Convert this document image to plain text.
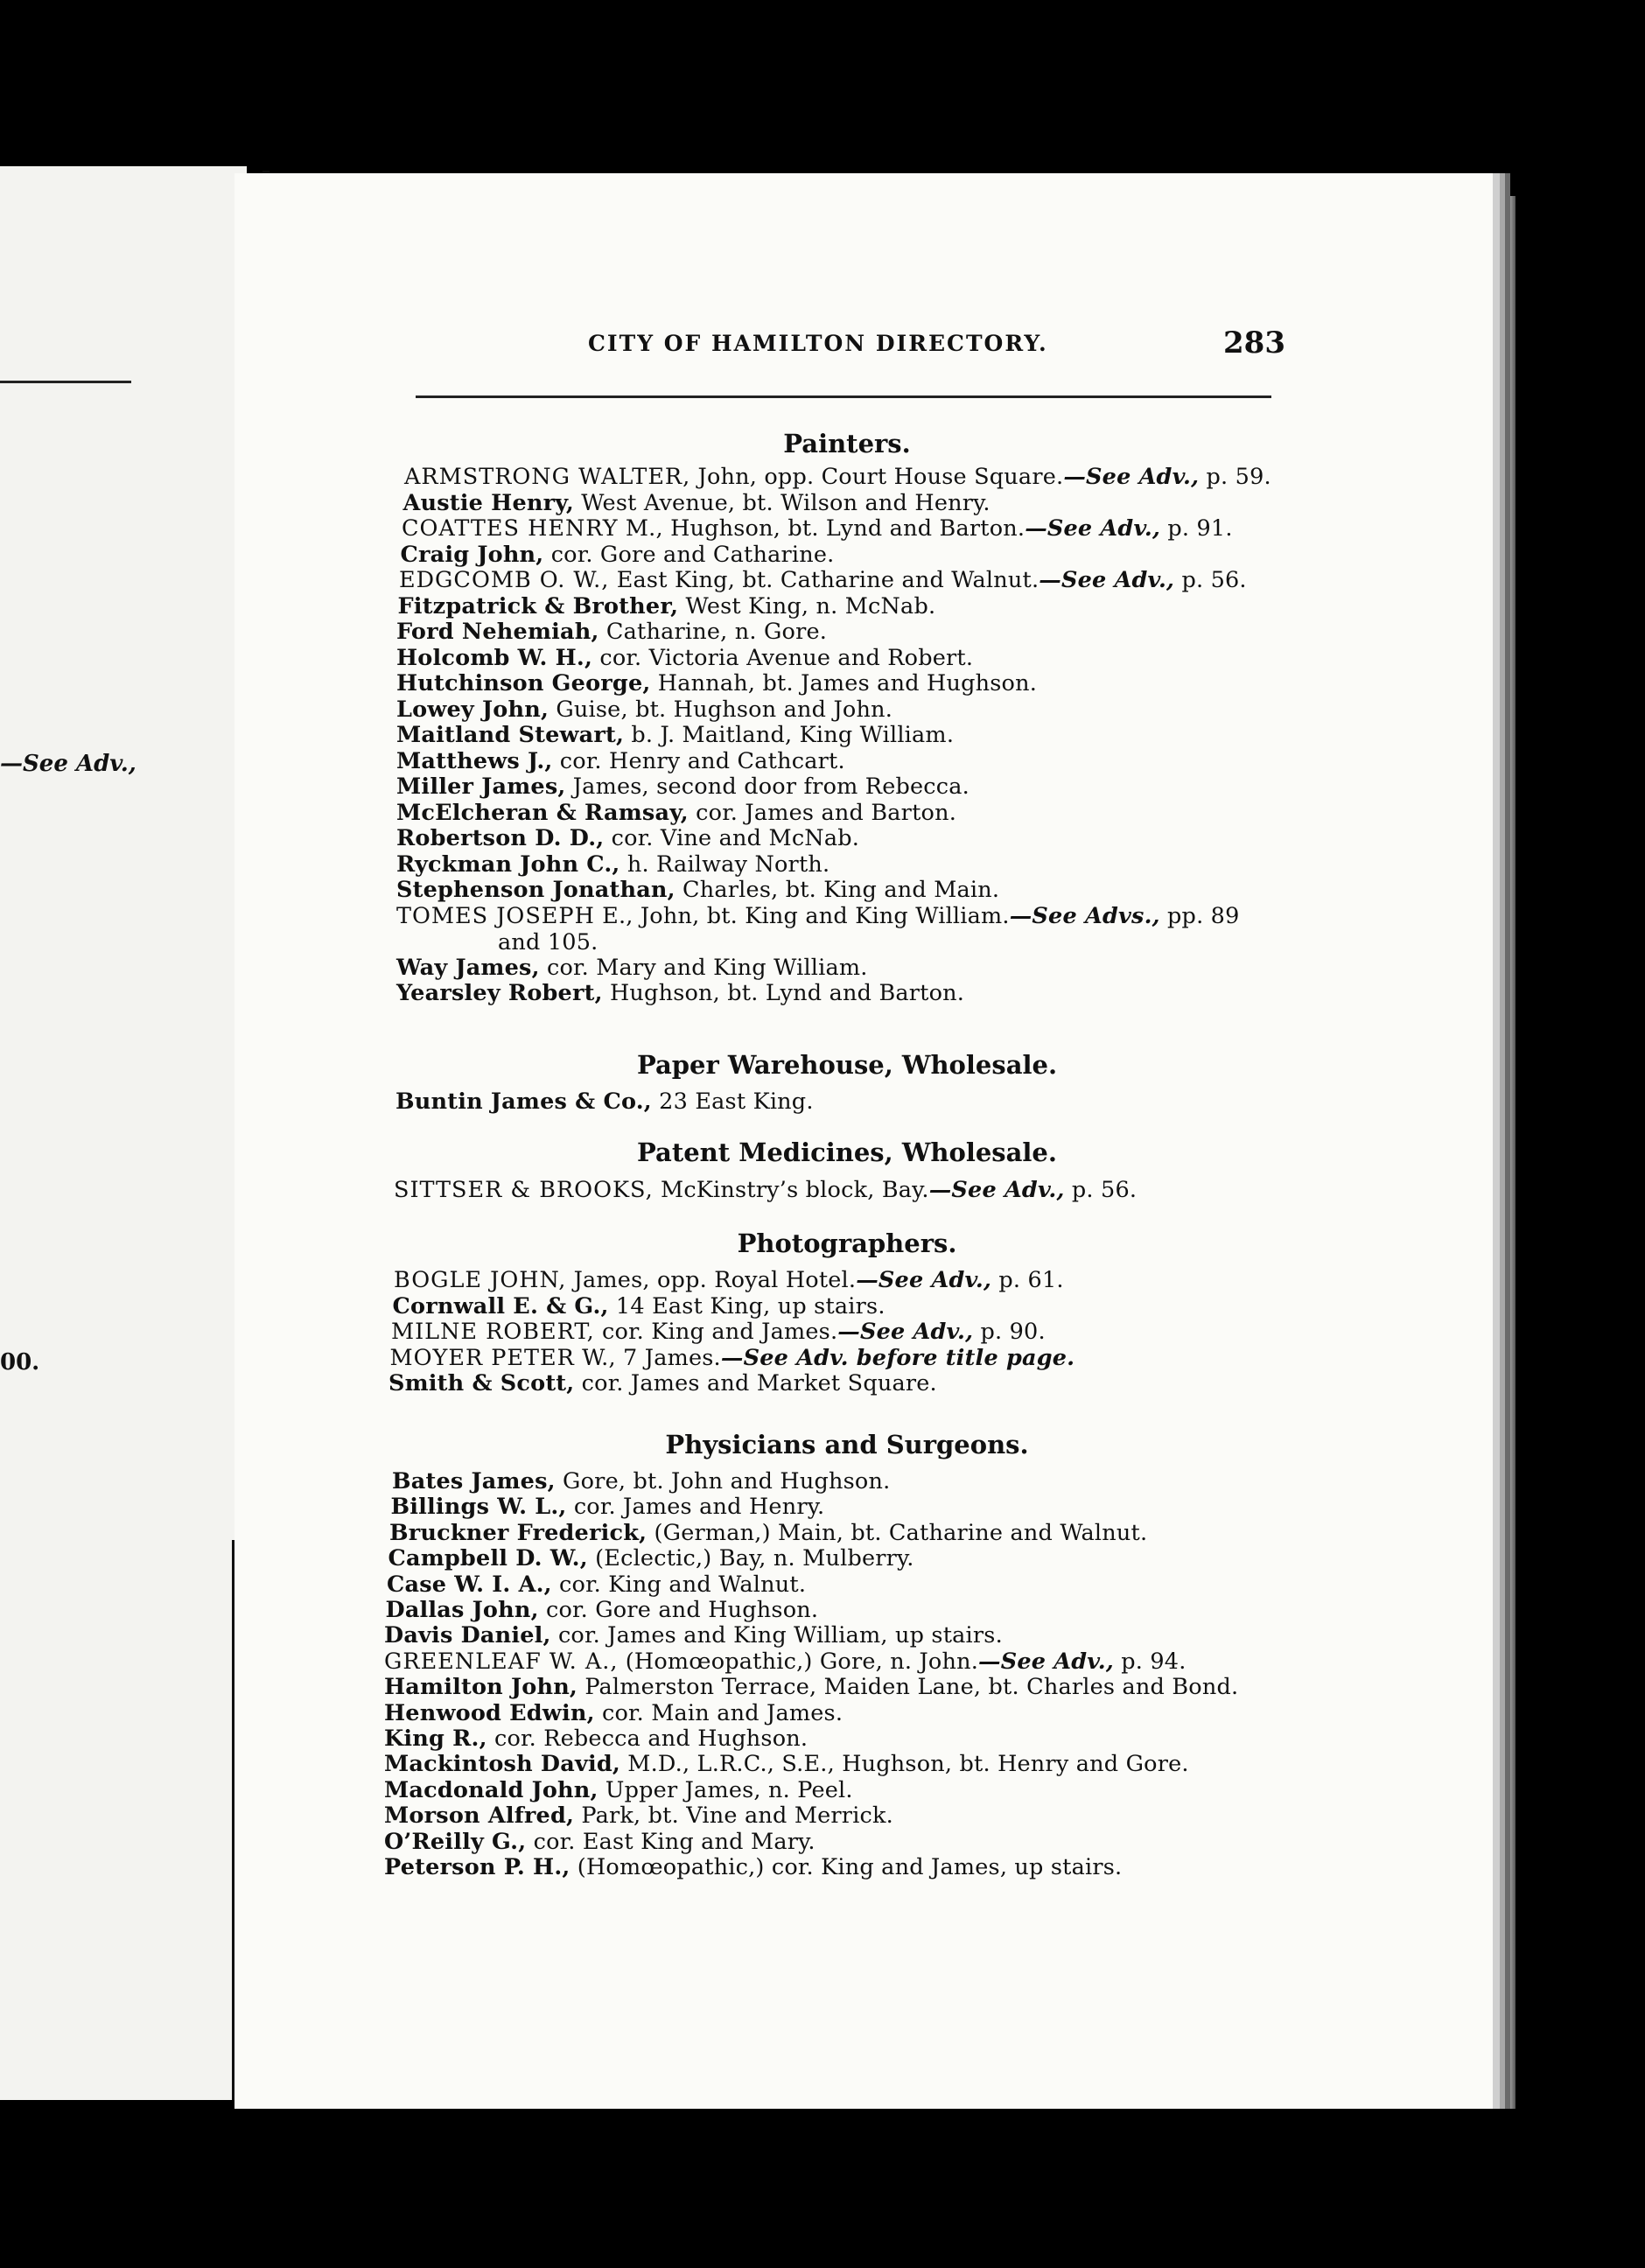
—See Adv.,
00.
CITY OF HAMILTON DIRECTORY.	283
Painters.
ARMSTRONG WALTER, John, opp. Court House Square.—See Adv., p. 59.
Austie Henry, West Avenue, bt. Wilson and Henry.
COATTES HENRY M., Hughson, bt. Lynd and Barton.—See Adv., p. 91.
Craig John, cor. Gore and Catharine.
EDGCOMB O. W., East King, bt. Catharine and Walnut.—See Adv., p. 56.
Fitzpatrick & Brother, West King, n. McNab.
Ford Nehemiah, Catharine, n. Gore.
Holcomb W. H., cor. Victoria Avenue and Robert.
Hutchinson George, Hannah, bt. James and Hughson.
Lowey John, Guise, bt. Hughson and John.
Maitland Stewart, b. J. Maitland, King William.
Matthews J., cor. Henry and Cathcart.
Miller James, James, second door from Rebecca.
McElcheran & Ramsay, cor. James and Barton.
Robertson D. D., cor. Vine and McNab.
Ryckman John C., h. Railway North.
Stephenson Jonathan, Charles, bt. King and Main.
TOMES JOSEPH E., John, bt. King and King William.—See Advs., pp. 89
and 105.
Way James, cor. Mary and King William.
Yearsley Robert, Hughson, bt. Lynd and Barton.
Paper Warehouse, Wholesale.
Buntin James & Co., 23 East King.
Patent Medicines, Wholesale.
SITTSER & BROOKS, McKinstry’s block, Bay.—See Adv., p. 56.
Photographers.
BOGLE JOHN, James, opp. Royal Hotel.—See Adv., p. 61.
Cornwall E. & G., 14 East King, up stairs.
MILNE ROBERT, cor. King and James.—See Adv., p. 90.
MOYER PETER W., 7 James.—See Adv. before title page.
Smith & Scott, cor. James and Market Square.
Physicians and Surgeons.
Bates James, Gore, bt. John and Hughson.
Billings W. L., cor. James and Henry.
Bruckner Frederick, (German,) Main, bt. Catharine and Walnut.
Campbell D. W., (Eclectic,) Bay, n. Mulberry.
Case W. I. A., cor. King and Walnut.
Dallas John, cor. Gore and Hughson.
Davis Daniel, cor. James and King William, up stairs.
GREENLEAF W. A., (Homœopathic,) Gore, n. John.—See Adv., p. 94.
Hamilton John, Palmerston Terrace, Maiden Lane, bt. Charles and Bond.
Henwood Edwin, cor. Main and James.
King R., cor. Rebecca and Hughson.
Mackintosh David, M.D., L.R.C., S.E., Hughson, bt. Henry and Gore.
Macdonald John, Upper James, n. Peel.
Morson Alfred, Park, bt. Vine and Merrick.
O’Reilly G., cor. East King and Mary.
Peterson P. H., (Homœopathic,) cor. King and James, up stairs.
